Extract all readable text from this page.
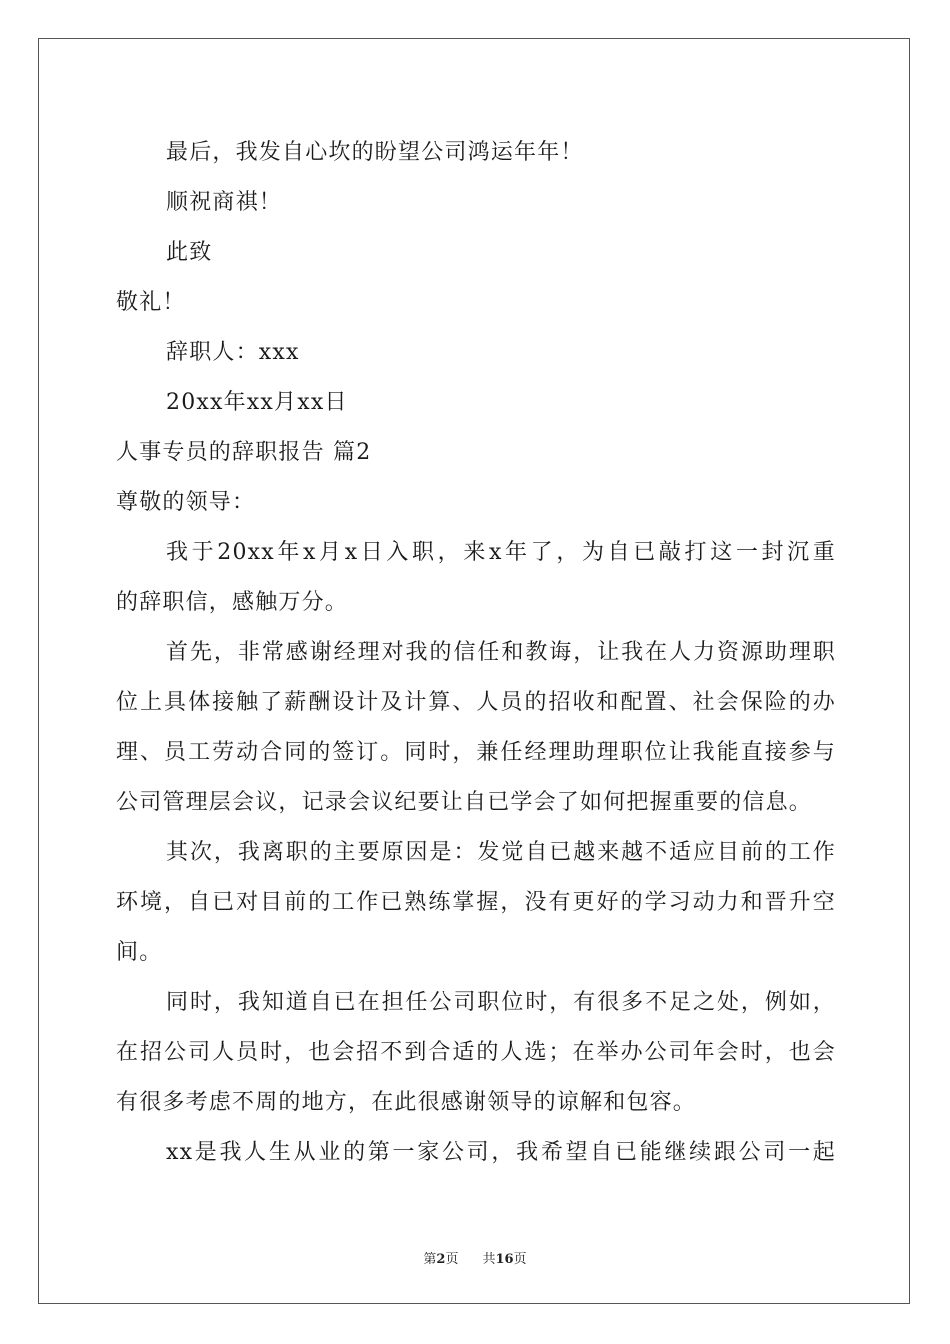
最后，我发自心坎的盼望公司鸿运年年！
顺祝商祺！
此致
敬礼！
辞职人：xxx
20xx年xx月xx日
人事专员的辞职报告 篇2
尊敬的领导：
我于20xx年x月x日入职，来x年了，为自已敲打这一封沉重
的辞职信，感触万分。
首先，非常感谢经理对我的信任和教诲，让我在人力资源助理职
位上具体接触了薪酬设计及计算、人员的招收和配置、社会保险的办
理、员工劳动合同的签订。同时，兼任经理助理职位让我能直接参与
公司管理层会议，记录会议纪要让自已学会了如何把握重要的信息。
其次，我离职的主要原因是：发觉自已越来越不适应目前的工作
环境，自已对目前的工作已熟练掌握，没有更好的学习动力和晋升空
间。
同时，我知道自已在担任公司职位时，有很多不足之处，例如，
在招公司人员时，也会招不到合适的人选；在举办公司年会时，也会
有很多考虑不周的地方，在此很感谢领导的谅解和包容。
xx是我人生从业的第一家公司，我希望自已能继续跟公司一起
第2页 共16页
